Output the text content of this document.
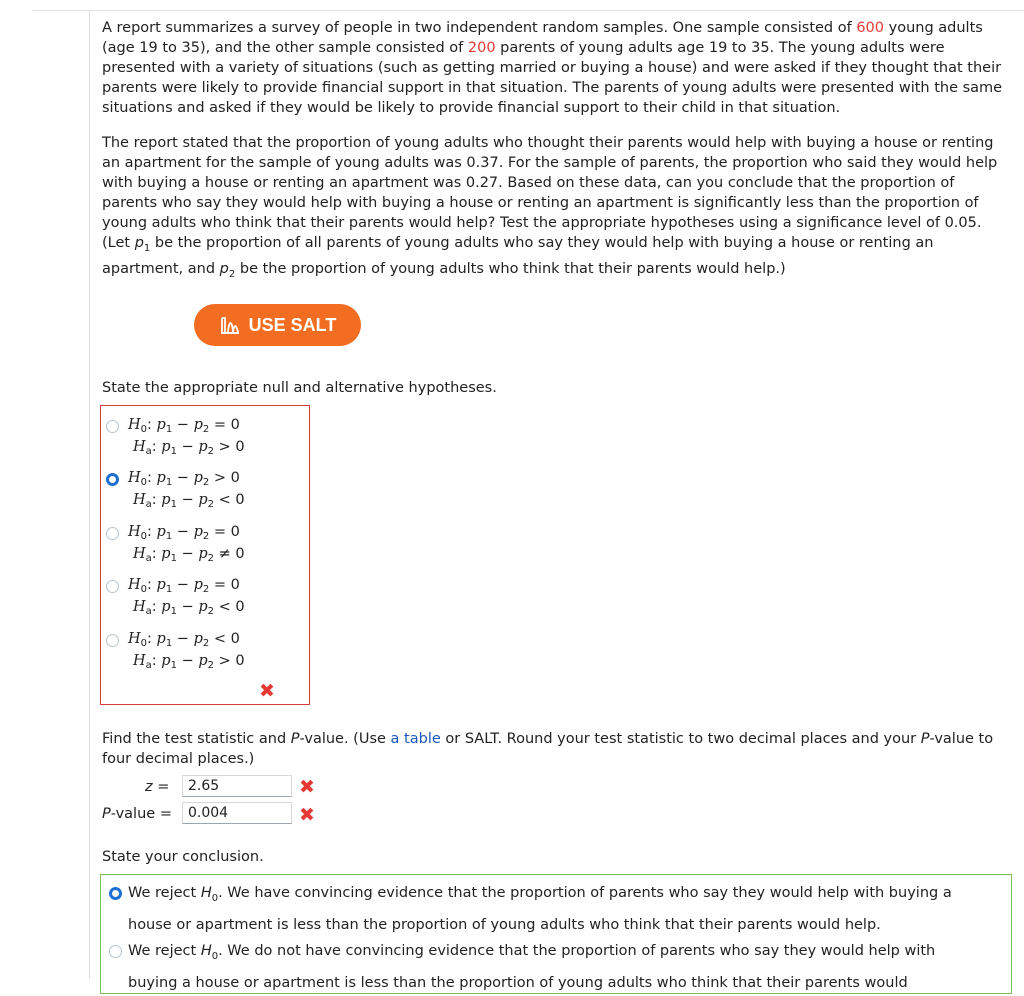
A report summarizes a survey of people in two independent random samples. One sample consisted of 600 young adults (age 19 to 35), and the other sample consisted of 200 parents of young adults age 19 to 35. The young adults were presented with a variety of situations (such as getting married or buying a house) and were asked if they thought that their parents were likely to provide financial support in that situation. The parents of young adults were presented with the same situations and asked if they would be likely to provide financial support to their child in that situation.

The report stated that the proportion of young adults who thought their parents would help with buying a house or renting an apartment for the sample of young adults was 0.37. For the sample of parents, the proportion who said they would help with buying a house or renting an apartment was 0.27. Based on these data, can you conclude that the proportion of parents who say they would help with buying a house or renting an apartment is significantly less than the proportion of young adults who think that their parents would help? Test the appropriate hypotheses using a significance level of 0.05. (Let $p_1$ be the proportion of all parents of young adults who say they would help with buying a house or renting an apartment, and $p_2$ be the proportion of young adults who think that their parents would help.)

USE SALT
State the appropriate null and alternative hypotheses.
$H_0$: $p_1 - p_2 = 0$
$H_a$: $p_1 - p_2 > 0$
$H_0$: $p_1 - p_2 > 0$
$H_a$: $p_1 - p_2 < 0$
$H_0$: $p_1 - p_2 = 0$
$H_a$: $p_1 - p_2 \ne 0$
$H_0$: $p_1 - p_2 = 0$
$H_a$: $p_1 - p_2 < 0$
$H_0$: $p_1 - p_2 < 0$
$H_a$: $p_1 - p_2 > 0$
✖
Find the test statistic and P-value. (Use a table or SALT. Round your test statistic to two decimal places and your P-value to four decimal places.)
z =	2.65	✖
P-value =	0.004	✖
State your conclusion.
We reject $H_0$. We have convincing evidence that the proportion of parents who say they would help with buying a house or apartment is less than the proportion of young adults who think that their parents would help.
We reject $H_0$. We do not have convincing evidence that the proportion of parents who say they would help with buying a house or apartment is less than the proportion of young adults who think that their parents would
